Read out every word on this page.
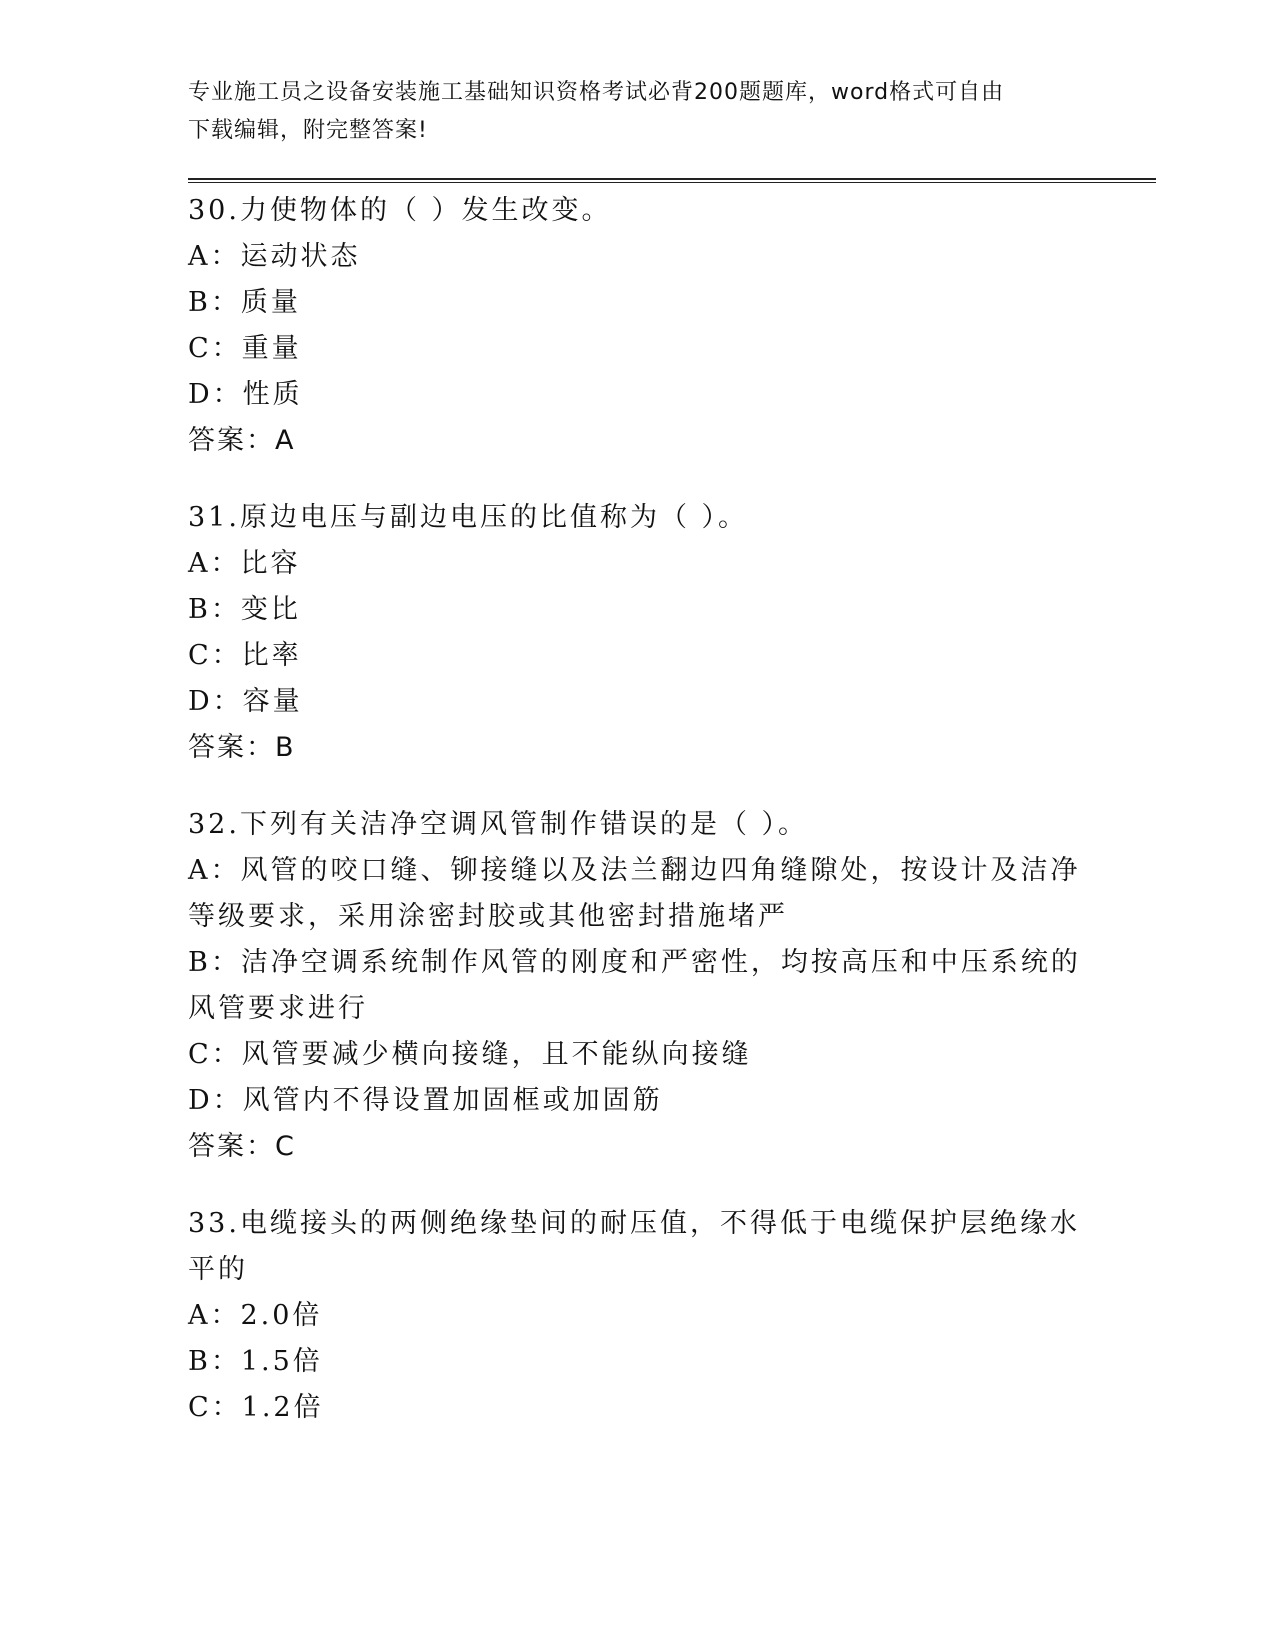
专业施工员之设备安装施工基础知识资格考试必背200题题库，word格式可自由
下载编辑，附完整答案!
30.力使物体的（ ）发生改变。
A：运动状态
B：质量
C：重量
D：性质
答案：A
31.原边电压与副边电压的比值称为（ ）。
A：比容
B：变比
C：比率
D：容量
答案：B
32.下列有关洁净空调风管制作错误的是（ ）。
A：风管的咬口缝、铆接缝以及法兰翻边四角缝隙处，按设计及洁净等级要求，采用涂密封胶或其他密封措施堵严
B：洁净空调系统制作风管的刚度和严密性，均按高压和中压系统的风管要求进行
C：风管要减少横向接缝，且不能纵向接缝
D：风管内不得设置加固框或加固筋
答案：C
33.电缆接头的两侧绝缘垫间的耐压值，不得低于电缆保护层绝缘水平的
A：2.0倍
B：1.5倍
C：1.2倍
